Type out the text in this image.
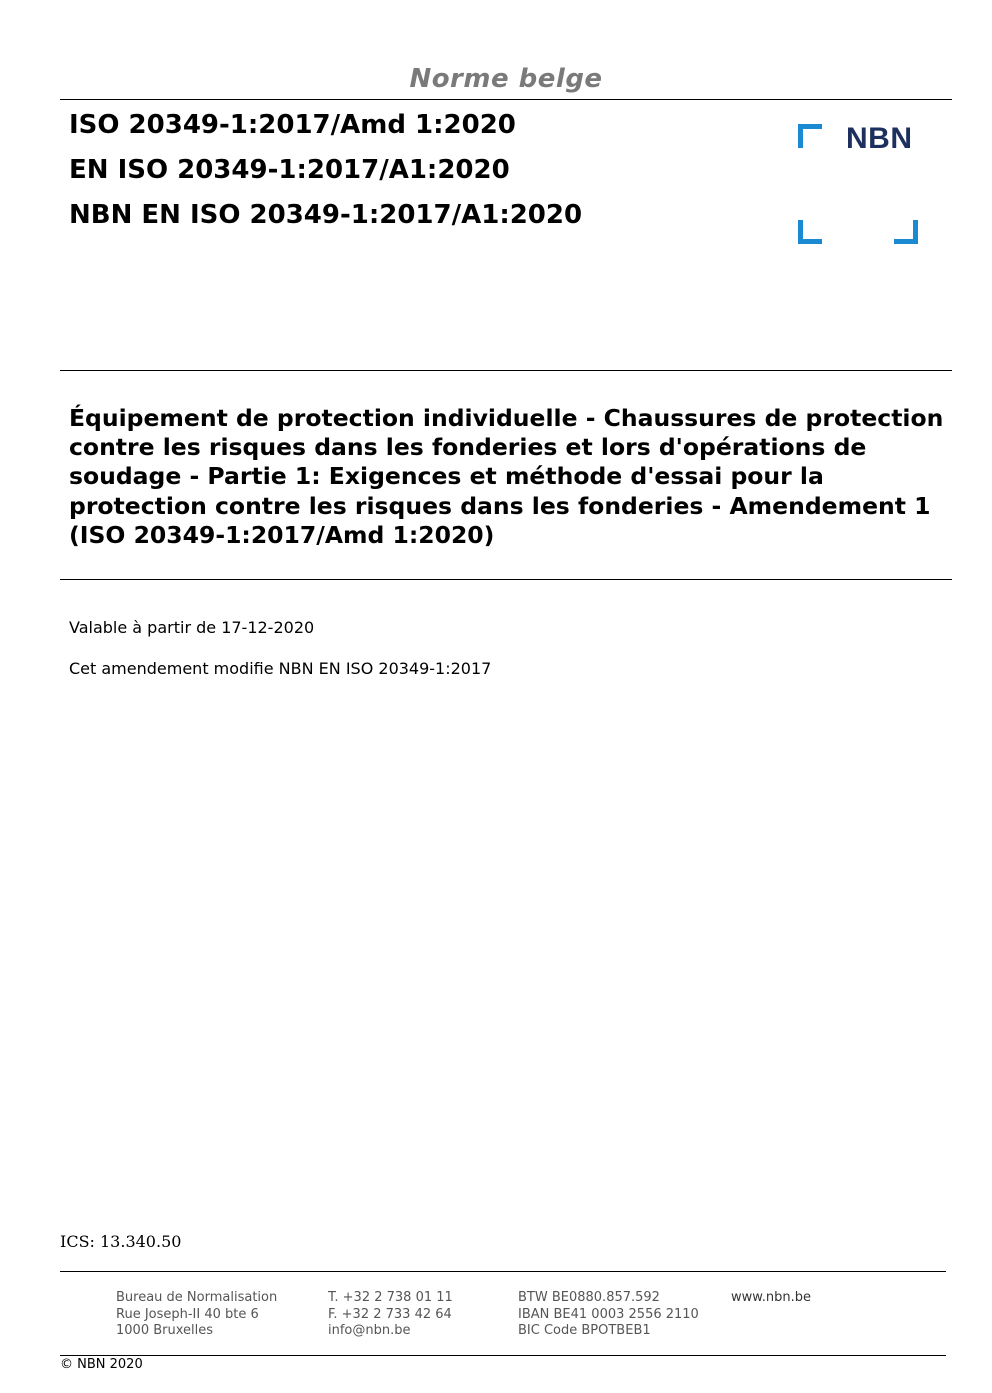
Norme belge
ISO 20349-1:2017/Amd 1:2020
EN ISO 20349-1:2017/A1:2020
NBN EN ISO 20349-1:2017/A1:2020
NBN
Équipement de protection individuelle - Chaussures de protection
contre les risques dans les fonderies et lors d'opérations de
soudage - Partie 1: Exigences et méthode d'essai pour la
protection contre les risques dans les fonderies - Amendement 1
(ISO 20349-1:2017/Amd 1:2020)
Valable à partir de 17-12-2020
Cet amendement modifie NBN EN ISO 20349-1:2017
ICS: 13.340.50
Bureau de Normalisation
Rue Joseph-II 40 bte 6
1000 Bruxelles
T. +32 2 738 01 11
F. +32 2 733 42 64
info@nbn.be
BTW BE0880.857.592
IBAN BE41 0003 2556 2110
BIC Code BPOTBEB1
www.nbn.be
© NBN 2020
